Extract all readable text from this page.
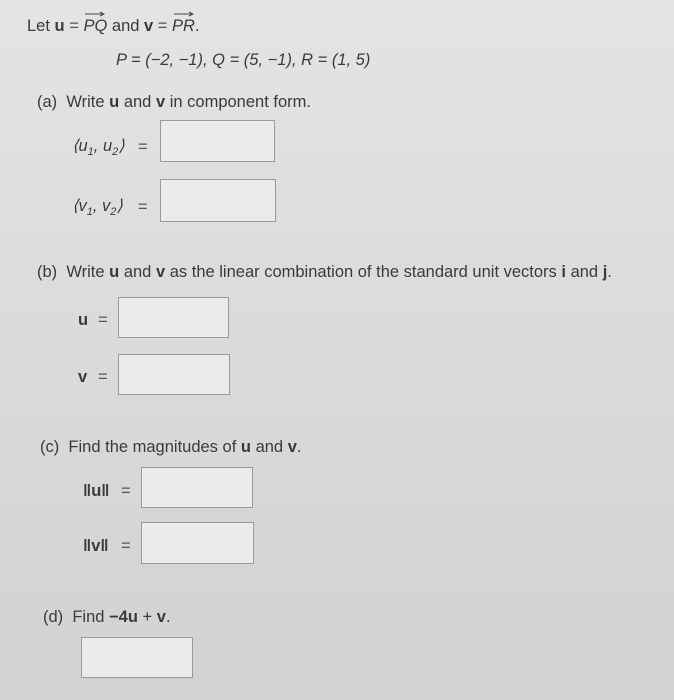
Let u = PQ and v = PR.
P = (−2, −1), Q = (5, −1), R = (1, 5)
(a) Write u and v in component form.
$⟨u_1$, $u_2⟩$ =
$⟨v_1$, $v_2⟩$ =
(b) Write u and v as the linear combination of the standard unit vectors i and j.
u =
v =
(c) Find the magnitudes of u and v.
‖u‖ =
‖v‖ =
(d) Find −4u + v.
